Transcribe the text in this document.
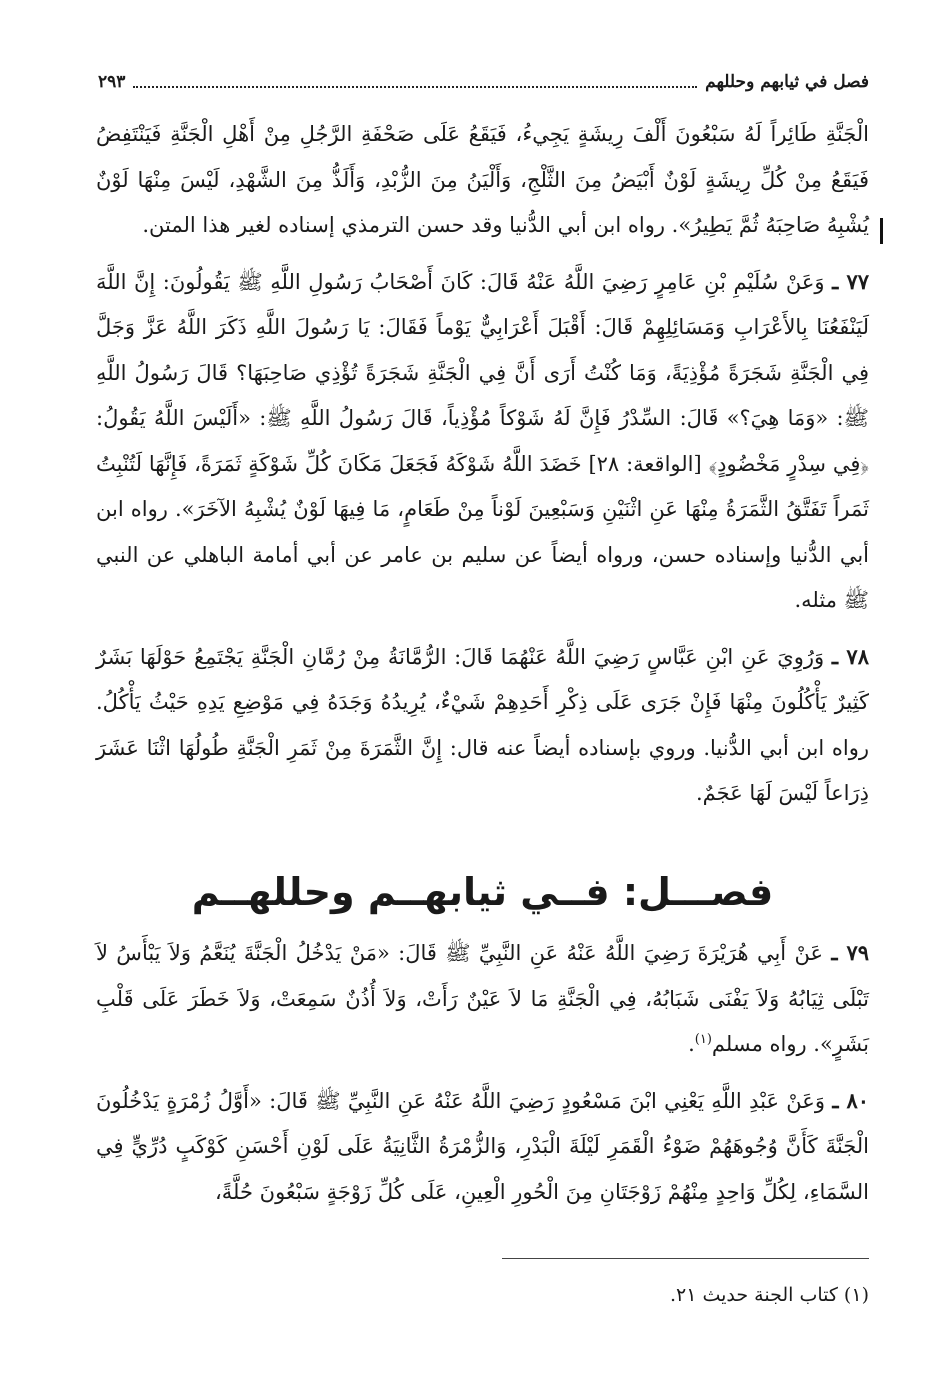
فصل في ثيابهم وحللهم
٢٩٣

الْجَنَّةِ طَائِراً لَهُ سَبْعُونَ أَلْفَ رِيشَةٍ يَجِيءُ، فَيَقَعُ عَلَى صَحْفَةِ الرَّجُلِ مِنْ أَهْلِ الْجَنَّةِ فَيَنْتَفِضُ فَيَقَعُ مِنْ كُلِّ رِيشَةٍ لَوْنٌ أَبْيَضُ مِنَ الثَّلْجِ، وَأَلْيَنُ مِنَ الزُّبْدِ، وَأَلَذُّ مِنَ الشَّهْدِ، لَيْسَ مِنْهَا لَوْنٌ يُشْبِهُ صَاحِبَهُ ثُمَّ يَطِيرُ». رواه ابن أبي الدُّنيا وقد حسن الترمذي إسناده لغير هذا المتن.

٧٧ ـ وَعَنْ سُلَيْمِ بْنِ عَامِرٍ رَضِيَ اللَّهُ عَنْهُ قَالَ: كَانَ أَصْحَابُ رَسُولِ اللَّهِ ﷺ يَقُولُونَ: إِنَّ اللَّهَ لَيَنْفَعُنَا بِالأَعْرَابِ وَمَسَائِلِهِمْ قَالَ: أَقْبَلَ أَعْرَابِيٌّ يَوْماً فَقَالَ: يَا رَسُولَ اللَّهِ ذَكَرَ اللَّهُ عَزَّ وَجَلَّ فِي الْجَنَّةِ شَجَرَةً مُؤْذِيَةً، وَمَا كُنْتُ أَرَى أَنَّ فِي الْجَنَّةِ شَجَرَةً تُؤْذِي صَاحِبَهَا؟ قَالَ رَسُولُ اللَّهِ ﷺ: «وَمَا هِيَ؟» قَالَ: السِّدْرُ فَإِنَّ لَهُ شَوْكاً مُؤْذِياً، قَالَ رَسُولُ اللَّهِ ﷺ: «أَلَيْسَ اللَّهُ يَقُولُ: ﴿فِي سِدْرٍ مَخْضُودٍ﴾ [الواقعة: ٢٨] خَضَدَ اللَّهُ شَوْكَهُ فَجَعَلَ مَكَانَ كُلِّ شَوْكَةٍ ثَمَرَةً، فَإِنَّهَا لَتُنْبِتُ ثَمَراً تَفَتَّقُ الثَّمَرَةُ مِنْهَا عَنِ اثْنَيْنِ وَسَبْعِينَ لَوْناً مِنْ طَعَامٍ، مَا فِيهَا لَوْنٌ يُشْبِهُ الآخَرَ». رواه ابن أبي الدُّنيا وإسناده حسن، ورواه أيضاً عن سليم بن عامر عن أبي أمامة الباهلي عن النبي ﷺ مثله.

٧٨ ـ وَرُوِيَ عَنِ ابْنِ عَبَّاسٍ رَضِيَ اللَّهُ عَنْهُمَا قَالَ: الرُّمَّانَةُ مِنْ رُمَّانِ الْجَنَّةِ يَجْتَمِعُ حَوْلَهَا بَشَرٌ كَثِيرٌ يَأْكُلُونَ مِنْهَا فَإِنْ جَرَى عَلَى ذِكْرِ أَحَدِهِمْ شَيْءٌ، يُرِيدُهُ وَجَدَهُ فِي مَوْضِعِ يَدِهِ حَيْثُ يَأْكُلُ. رواه ابن أبي الدُّنيا. وروي بإسناده أيضاً عنه قال: إِنَّ الثَّمَرَةَ مِنْ ثَمَرِ الْجَنَّةِ طُولُهَا اثْنَا عَشَرَ ذِرَاعاً لَيْسَ لَهَا عَجَمٌ.

فصـــل: فــي ثيابهــم وحللهــم

٧٩ ـ عَنْ أَبِي هُرَيْرَةَ رَضِيَ اللَّهُ عَنْهُ عَنِ النَّبِيِّ ﷺ قَالَ: «مَنْ يَدْخُلُ الْجَنَّةَ يُنَعَّمُ وَلاَ يَبْأَسُ لاَ تَبْلَى ثِيَابُهُ وَلاَ يَفْنَى شَبَابُهُ، فِي الْجَنَّةِ مَا لاَ عَيْنٌ رَأَتْ، وَلاَ أُذُنٌ سَمِعَتْ، وَلاَ خَطَرَ عَلَى قَلْبِ بَشَرٍ». رواه مسلم$^{(١)}$.

٨٠ ـ وَعَنْ عَبْدِ اللَّهِ يَعْنِي ابْنَ مَسْعُودٍ رَضِيَ اللَّهُ عَنْهُ عَنِ النَّبِيِّ ﷺ قَالَ: «أَوَّلُ زُمْرَةٍ يَدْخُلُونَ الْجَنَّةَ كَأَنَّ وُجُوهَهُمْ ضَوْءُ الْقَمَرِ لَيْلَةَ الْبَدْرِ، وَالزُّمْرَةُ الثَّانِيَةُ عَلَى لَوْنِ أَحْسَنِ كَوْكَبٍ دُرِّيٍّ فِي السَّمَاءِ، لِكُلِّ وَاحِدٍ مِنْهُمْ زَوْجَتَانِ مِنَ الْحُورِ الْعِينِ، عَلَى كُلِّ زَوْجَةٍ سَبْعُونَ حُلَّةً،

(١) كتاب الجنة حديث ٢١.
